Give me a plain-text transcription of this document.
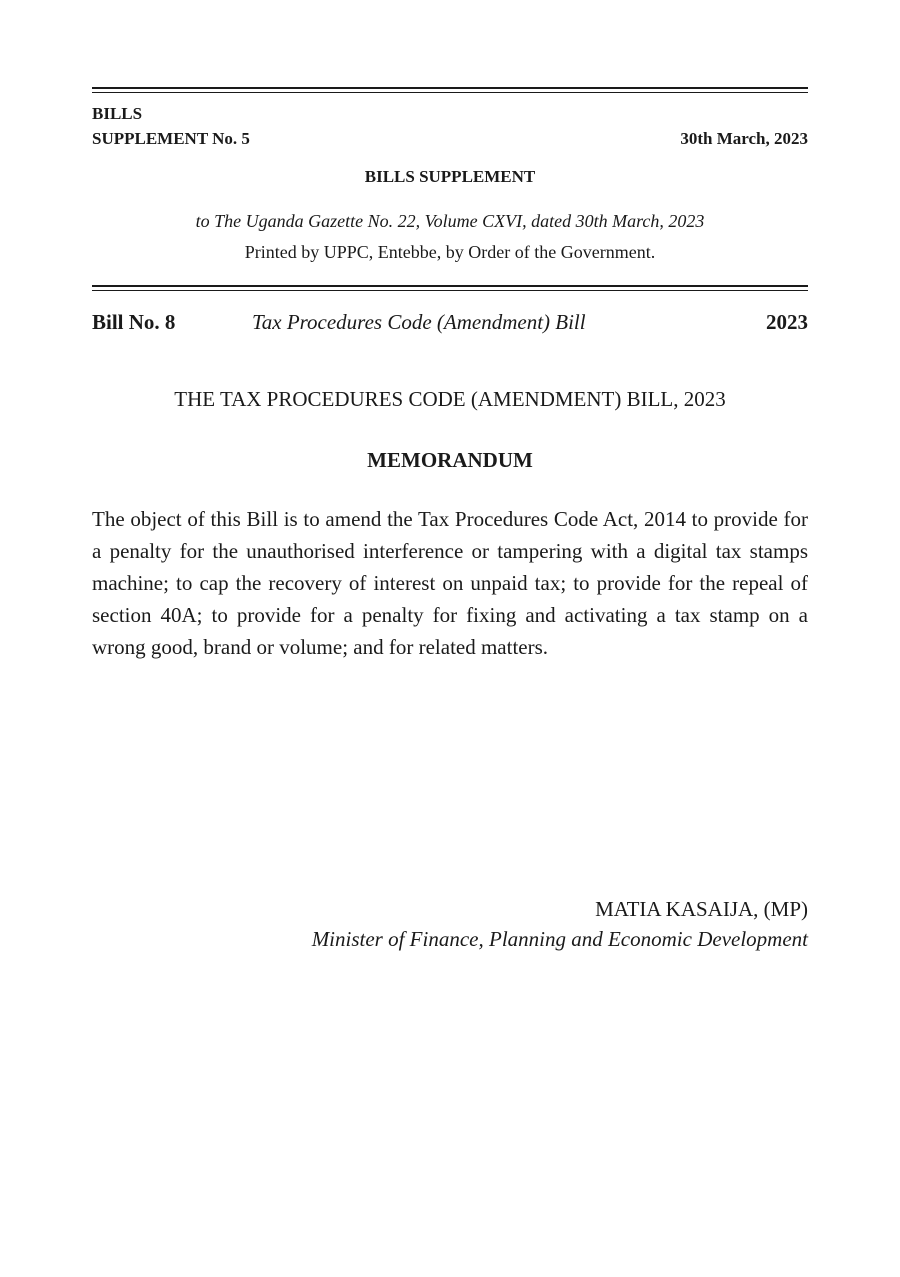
BILLS
SUPPLEMENT No. 5	30th March, 2023
BILLS SUPPLEMENT
to The Uganda Gazette No. 22, Volume CXVI, dated 30th March, 2023
Printed by UPPC, Entebbe, by Order of the Government.
Bill No. 8	Tax Procedures Code (Amendment) Bill	2023
THE TAX PROCEDURES CODE (AMENDMENT) BILL, 2023
MEMORANDUM
The object of this Bill is to amend the Tax Procedures Code Act, 2014 to provide for a penalty for the unauthorised interference or tampering with a digital tax stamps machine; to cap the recovery of interest on unpaid tax; to provide for the repeal of section 40A; to provide for a penalty for fixing and activating a tax stamp on a wrong good, brand or volume; and for related matters.
MATIA KASAIJA, (MP)
Minister of Finance, Planning and Economic Development
